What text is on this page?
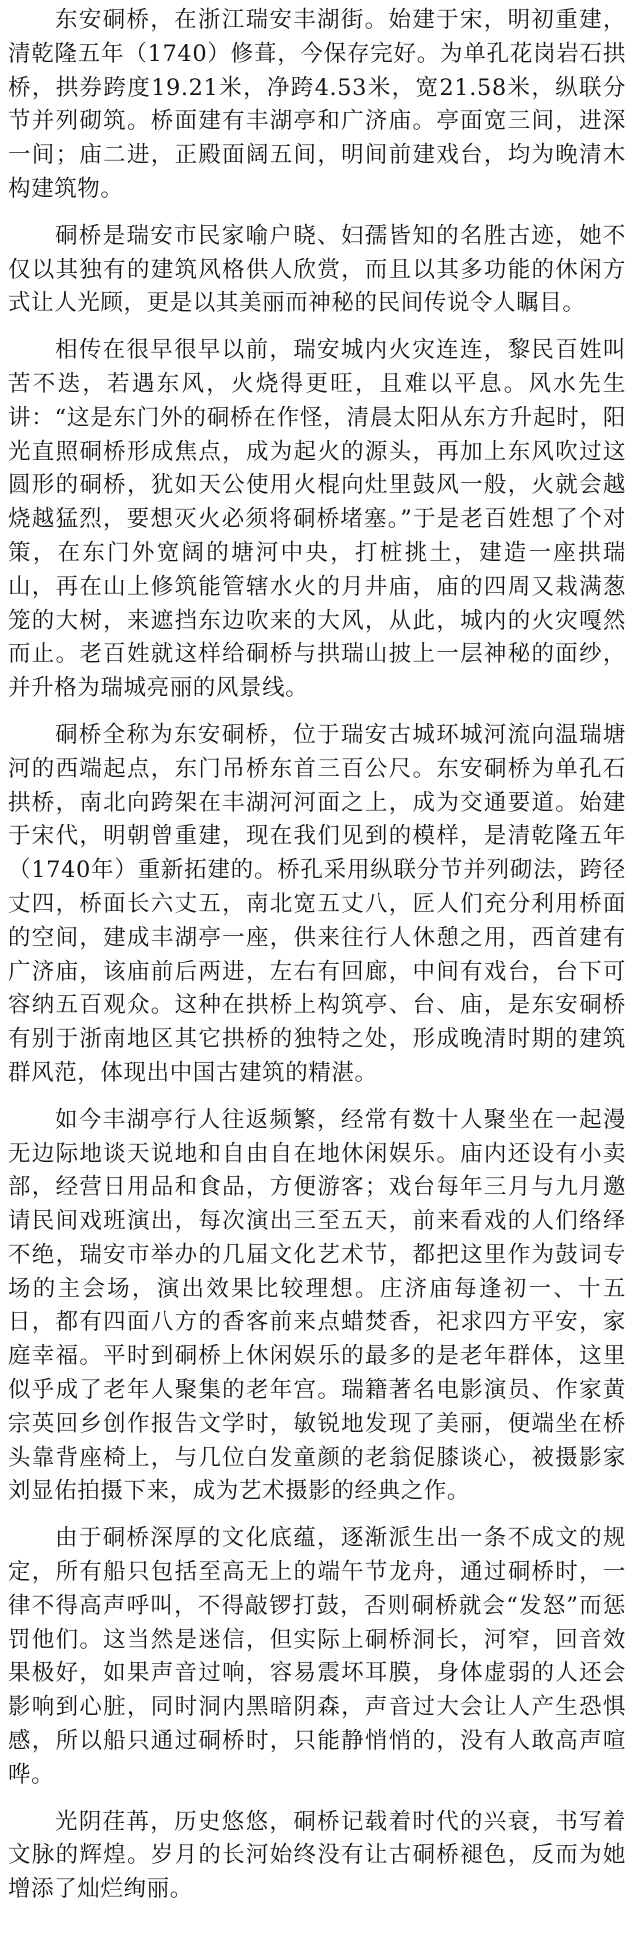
东安硐桥，在浙江瑞安丰湖街。始建于宋，明初重建，清乾隆五年（1740）修葺，今保存完好。为单孔花岗岩石拱桥，拱券跨度19.21米，净跨4.53米，宽21.58米，纵联分节并列砌筑。桥面建有丰湖亭和广济庙。亭面宽三间，进深一间；庙二进，正殿面阔五间，明间前建戏台，均为晚清木构建筑物。

硐桥是瑞安市民家喻户晓、妇孺皆知的名胜古迹，她不仅以其独有的建筑风格供人欣赏，而且以其多功能的休闲方式让人光顾，更是以其美丽而神秘的民间传说令人瞩目。

相传在很早很早以前，瑞安城内火灾连连，黎民百姓叫苦不迭，若遇东风，火烧得更旺，且难以平息。风水先生讲：“这是东门外的硐桥在作怪，清晨太阳从东方升起时，阳光直照硐桥形成焦点，成为起火的源头，再加上东风吹过这圆形的硐桥，犹如天公使用火棍向灶里鼓风一般，火就会越烧越猛烈，要想灭火必须将硐桥堵塞。”于是老百姓想了个对策，在东门外宽阔的塘河中央，打桩挑土，建造一座拱瑞山，再在山上修筑能管辖水火的月井庙，庙的四周又栽满葱笼的大树，来遮挡东边吹来的大风，从此，城内的火灾嘎然而止。老百姓就这样给硐桥与拱瑞山披上一层神秘的面纱，并升格为瑞城亮丽的风景线。

硐桥全称为东安硐桥，位于瑞安古城环城河流向温瑞塘河的西端起点，东门吊桥东首三百公尺。东安硐桥为单孔石拱桥，南北向跨架在丰湖河河面之上，成为交通要道。始建于宋代，明朝曾重建，现在我们见到的模样，是清乾隆五年（1740年）重新拓建的。桥孔采用纵联分节并列砌法，跨径丈四，桥面长六丈五，南北宽五丈八，匠人们充分利用桥面的空间，建成丰湖亭一座，供来往行人休憩之用，西首建有广济庙，该庙前后两进，左右有回廊，中间有戏台，台下可容纳五百观众。这种在拱桥上构筑亭、台、庙，是东安硐桥有别于浙南地区其它拱桥的独特之处，形成晚清时期的建筑群风范，体现出中国古建筑的精湛。

如今丰湖亭行人往返频繁，经常有数十人聚坐在一起漫无边际地谈天说地和自由自在地休闲娱乐。庙内还设有小卖部，经营日用品和食品，方便游客；戏台每年三月与九月邀请民间戏班演出，每次演出三至五天，前来看戏的人们络绎不绝，瑞安市举办的几届文化艺术节，都把这里作为鼓词专场的主会场，演出效果比较理想。庄济庙每逢初一、十五日，都有四面八方的香客前来点蜡焚香，祀求四方平安，家庭幸福。平时到硐桥上休闲娱乐的最多的是老年群体，这里似乎成了老年人聚集的老年宫。瑞籍著名电影演员、作家黄宗英回乡创作报告文学时，敏锐地发现了美丽，便端坐在桥头靠背座椅上，与几位白发童颜的老翁促膝谈心，被摄影家刘显佑拍摄下来，成为艺术摄影的经典之作。

由于硐桥深厚的文化底蕴，逐渐派生出一条不成文的规定，所有船只包括至高无上的端午节龙舟，通过硐桥时，一律不得高声呼叫，不得敲锣打鼓，否则硐桥就会“发怒”而惩罚他们。这当然是迷信，但实际上硐桥洞长，河窄，回音效果极好，如果声音过响，容易震坏耳膜，身体虚弱的人还会影响到心脏，同时洞内黑暗阴森，声音过大会让人产生恐惧感，所以船只通过硐桥时，只能静悄悄的，没有人敢高声喧哗。

光阴荏苒，历史悠悠，硐桥记载着时代的兴衰，书写着文脉的辉煌。岁月的长河始终没有让古硐桥褪色，反而为她增添了灿烂绚丽。
